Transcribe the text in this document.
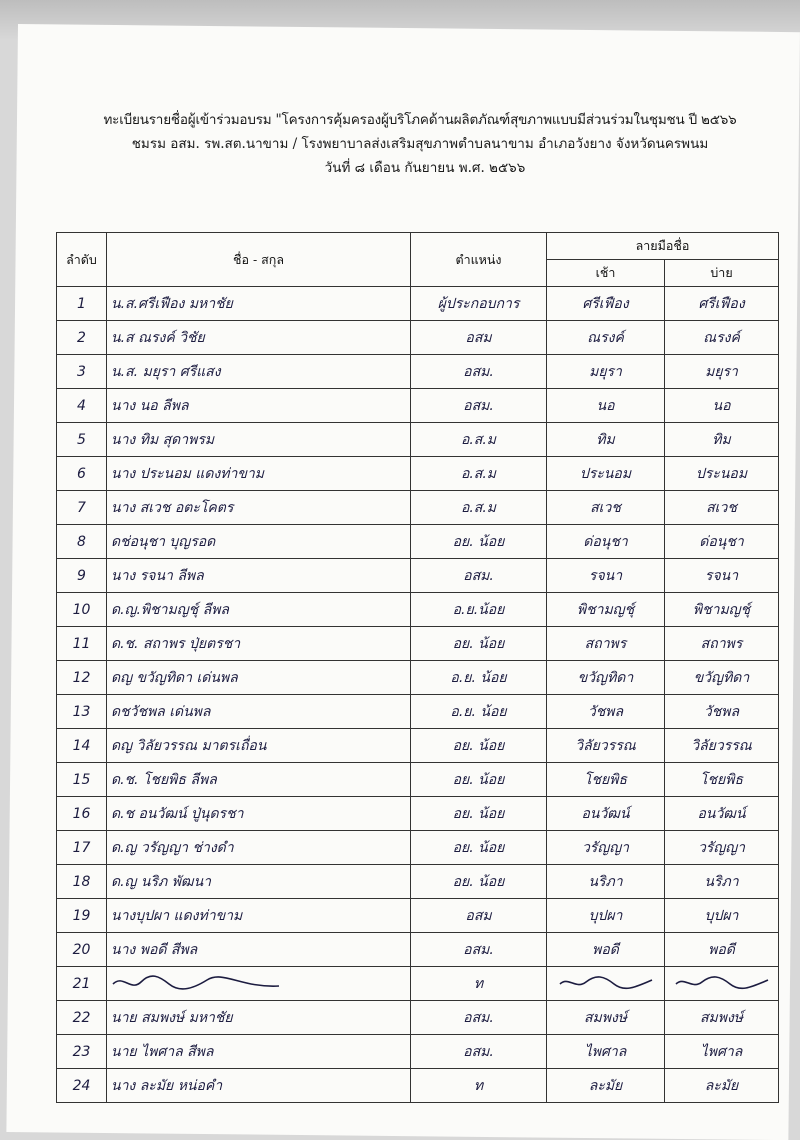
ทะเบียนรายชื่อผู้เข้าร่วมอบรม "โครงการคุ้มครองผู้บริโภคด้านผลิตภัณฑ์สุขภาพแบบมีส่วนร่วมในชุมชน ปี ๒๕๖๖
ชมรม อสม. รพ.สต.นาขาม / โรงพยาบาลส่งเสริมสุขภาพตำบลนาขาม อำเภอวังยาง จังหวัดนครพนม
วันที่ ๘ เดือน กันยายน พ.ศ. ๒๕๖๖
ลำดับ	ชื่อ - สกุล	ตำแหน่ง	ลายมือชื่อ	
			เช้า	บ่าย
1	น.ส.ศรีเฟือง มหาชัย	ผู้ประกอบการ	ศรีเฟือง	ศรีเฟือง
2	น.ส ณรงค์ วิชัย	อสม	ณรงค์	ณรงค์
3	น.ส. มยุรา ศรีแสง	อสม.	มยุรา	มยุรา
4	นาง นอ ลีพล	อสม.	นอ	นอ
5	นาง ทิม สุดาพรม	อ.ส.ม	ทิม	ทิม
6	นาง ประนอม แดงท่าขาม	อ.ส.ม	ประนอม	ประนอม
7	นาง สเวช อตะโคตร	อ.ส.ม	สเวช	สเวช
8	ดช่อนุชา บุญรอด	อย. น้อย	ด่อนุชา	ด่อนุชา
9	นาง รจนา ลีพล	อสม.	รจนา	รจนา
10	ด.ญ.พิชามญชุ์ ลีพล	อ.ย.น้อย	พิชามญชุ์	พิชามญชุ์
11	ด.ช. สถาพร ปุ่ยตรชา	อย. น้อย	สถาพร	สถาพร
12	ดญ ขวัญทิดา เด่นพล	อ.ย. น้อย	ขวัญทิดา	ขวัญทิดา
13	ดชวัชพล เด่นพล	อ.ย. น้อย	วัชพล	วัชพล
14	ดญ วิลัยวรรณ มาตรเถื่อน	อย. น้อย	วิลัยวรรณ	วิลัยวรรณ
15	ด.ช. โชยพิธ ลีพล	อย. น้อย	โชยพิธ	โชยพิธ
16	ด.ช อนวัฒน์ ปู่นุดรชา	อย. น้อย	อนวัฒน์	อนวัฒน์
17	ด.ญ วรัญญา ช่างดำ	อย. น้อย	วรัญญา	วรัญญา
18	ด.ญ นริภ พัฒนา	อย. น้อย	นริภา	นริภา
19	นางบุปผา แดงท่าขาม	อสม	บุปผา	บุปผา
20	นาง พอดี สีพล	อสม.	พอดี	พอดี
21		ท		
22	นาย สมพงษ์ มหาชัย	อสม.	สมพงษ์	สมพงษ์
23	นาย ไพศาล สีพล	อสม.	ไพศาล	ไพศาล
24	นาง ละมัย หน่อคำ	ท	ละมัย	ละมัย
